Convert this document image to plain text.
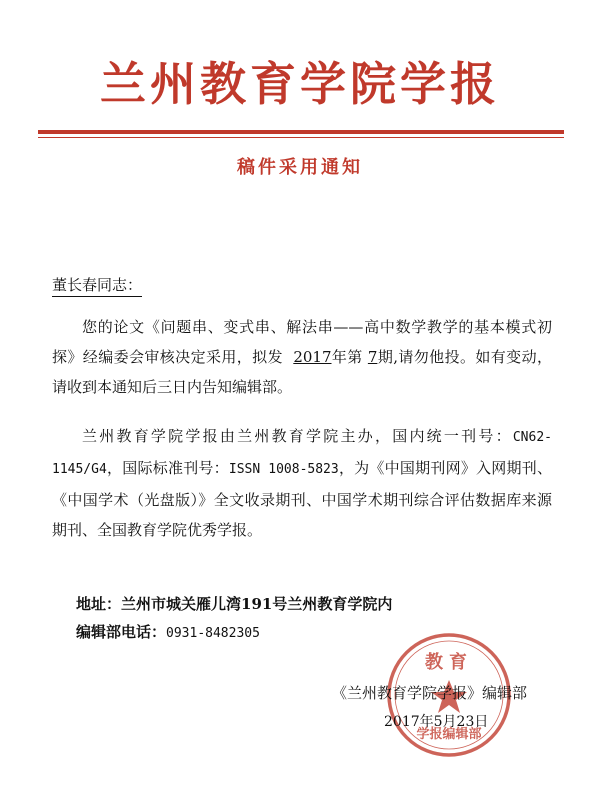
兰州教育学院学报
稿件采用通知
董长春同志：
您的论文《问题串、变式串、解法串——高中数学教学的基本模式初探》经编委会审核决定采用，拟发 2017年第 7期,请勿他投。如有变动，请收到本通知后三日内告知编辑部。
兰州教育学院学报由兰州教育学院主办，国内统一刊号：CN62-1145/G4，国际标准刊号：ISSN 1008-5823，为《中国期刊网》入网期刊、《中国学术（光盘版）》全文收录期刊、中国学术期刊综合评估数据库来源期刊、全国教育学院优秀学报。
地址：兰州市城关雁儿湾191号兰州教育学院内
编辑部电话：0931-8482305
教育
学报编辑部
《兰州教育学院学报》编辑部
2017年5月23日
